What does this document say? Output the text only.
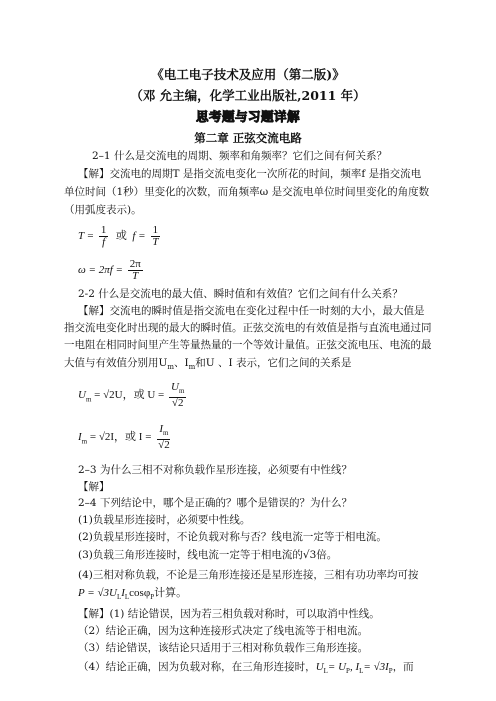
《电工电子技术及应用（第二版)》
（邓 允主编，化学工业出版社,2011 年）
思考题与习题详解
第二章 正弦交流电路
2–1 什么是交流电的周期、频率和角频率？它们之间有何关系？
【解】交流电的周期T 是指交流电变化一次所花的时间，频率f 是指交流电
单位时间（1秒）里变化的次数，而角频率ω 是交流电单位时间里变化的角度数
（用弧度表示)。
$T = \frac{1}{f}$ 或 $f = \frac{1}{T}$
$\omega = 2\pi f = \frac{2\pi}{T}$
2-2 什么是交流电的最大值、瞬时值和有效值？它们之间有什么关系？
【解】交流电的瞬时值是指交流电在变化过程中任一时刻的大小，最大值是
指交流电变化时出现的最大的瞬时值。正弦交流电的有效值是指与直流电通过同
一电阻在相同时间里产生等量热量的一个等效计量值。正弦交流电压、电流的最
大值与有效值分别用$U_m$、$I_m$和U 、I 表示，它们之间的关系是
$U_m = √2U$，或 $U = \frac{U_m}{√2}$
$I_m = √2I$，或 $I = \frac{I_m}{√2}$
2–3 为什么三相不对称负载作星形连接，必须要有中性线？
【解】
2–4 下列结论中，哪个是正确的？哪个是错误的？为什么？
(1)负载星形连接时，必须要中性线。
(2)负载星形连接时，不论负载对称与否？线电流一定等于相电流。
(3)负载三角形连接时，线电流一定等于相电流的√3倍。
(4)三相对称负载，不论是三角形连接还是星形连接，三相有功功率均可按
$P = √3U_LI_L\cos\varphi_P$计算。
【解】(1) 结论错误，因为若三相负载对称时，可以取消中性线。
（2）结论正确，因为这种连接形式决定了线电流等于相电流。
（3）结论错误，该结论只适用于三相对称负载作三角形连接。
（4）结论正确，因为负载对称，在三角形连接时，$U_L= U_P$, $I_L= √3I_P$，而
